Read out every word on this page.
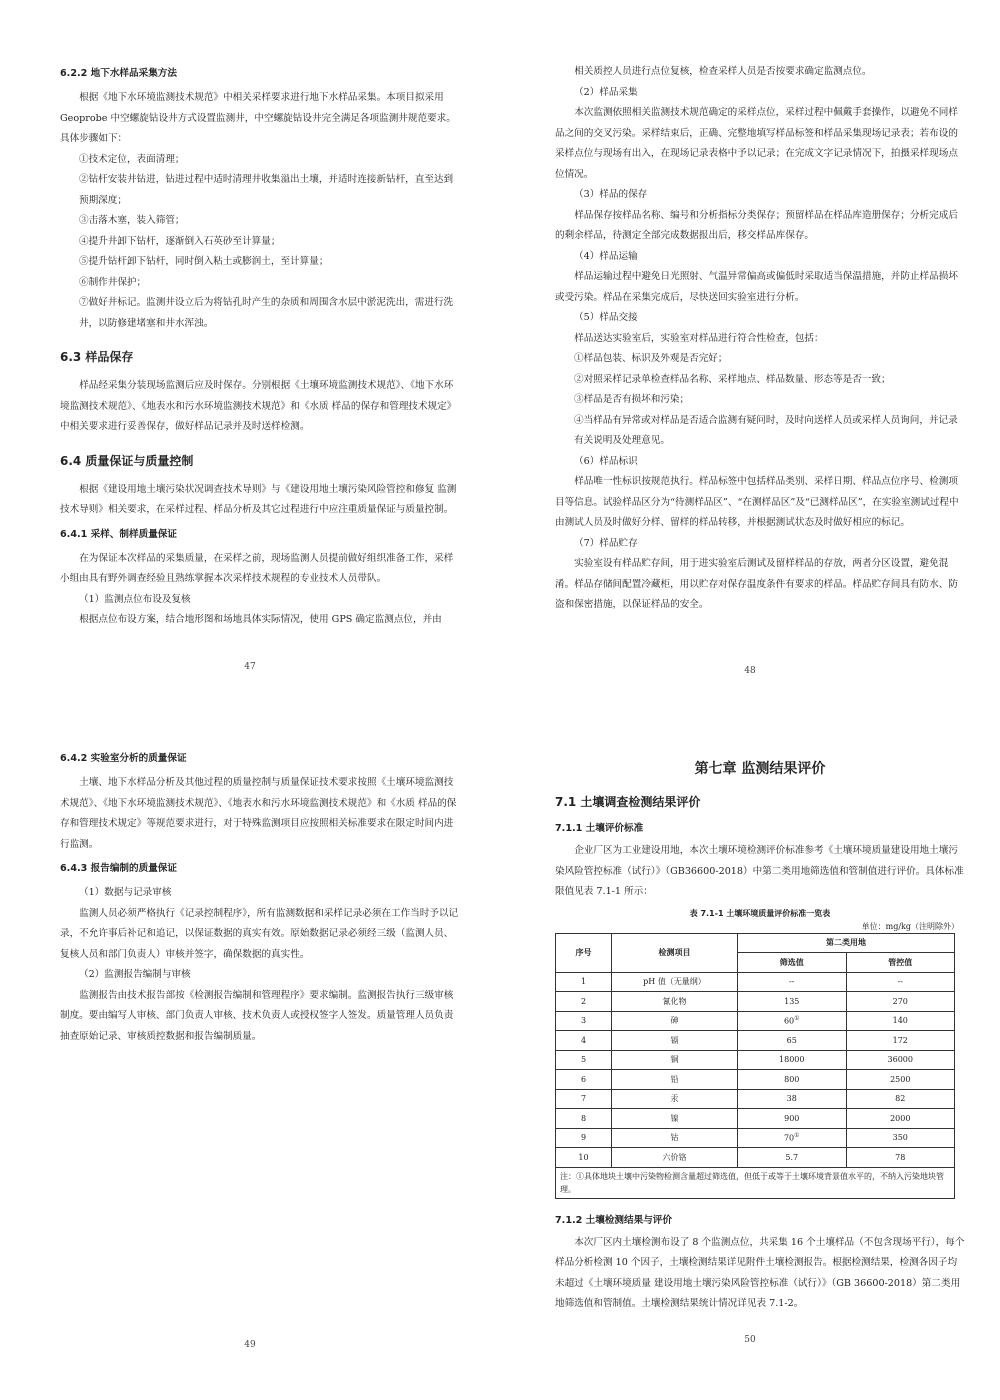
6.2.2 地下水样品采集方法

根据《地下水环境监测技术规范》中相关采样要求进行地下水样品采集。本项目拟采用 Geoprobe 中空螺旋钻设井方式设置监测井，中空螺旋钻设井完全满足各项监测井规范要求。具体步骤如下：

①技术定位，表面清理；

②钻杆安装井钻进，钻进过程中适时清理井收集溢出土壤，并适时连接新钻杆，直至达到预期深度；

③击落木塞，装入筛管；

④提升井卸下钻杆，逐渐倒入石英砂至计算量；

⑤提升钻杆卸下钻杆，同时倒入粘土或膨润土，至计算量；

⑥制作井保护；

⑦做好井标记。监测井设立后为将钻孔时产生的杂质和周围含水层中淤泥洗出，需进行洗井，以防修建堵塞和井水浑浊。

6.3 样品保存

样品经采集分装现场监测后应及时保存。分别根据《土壤环境监测技术规范》、《地下水环境监测技术规范》、《地表水和污水环境监测技术规范》和《水质 样品的保存和管理技术规定》中相关要求进行妥善保存，做好样品记录并及时送样检测。

6.4 质量保证与质量控制

根据《建设用地土壤污染状况调查技术导则》与《建设用地土壤污染风险管控和修复 监测技术导则》相关要求，在采样过程、样品分析及其它过程进行中应注重质量保证与质量控制。

6.4.1 采样、制样质量保证

在为保证本次样品的采集质量，在采样之前，现场监测人员提前做好组织准备工作，采样小组由具有野外调查经验且熟练掌握本次采样技术规程的专业技术人员带队。

（1）监测点位布设及复核

根据点位布设方案，结合地形图和场地具体实际情况，使用 GPS 确定监测点位，并由

47

相关质控人员进行点位复核，检查采样人员是否按要求确定监测点位。

（2）样品采集

本次监测依照相关监测技术规范确定的采样点位，采样过程中佩戴手套操作，以避免不同样品之间的交叉污染。采样结束后，正确、完整地填写样品标签和样品采集现场记录表；若布设的采样点位与现场有出入，在现场记录表格中予以记录；在完成文字记录情况下，拍摄采样现场点位情况。

（3）样品的保存

样品保存按样品名称、编号和分析指标分类保存；预留样品在样品库造册保存；分析完成后的剩余样品，待测定全部完成数据报出后，移交样品库保存。

（4）样品运输

样品运输过程中避免日光照射、气温异常偏高或偏低时采取适当保温措施，并防止样品损坏或受污染。样品在采集完成后，尽快送回实验室进行分析。

（5）样品交接

样品送达实验室后，实验室对样品进行符合性检查，包括：

①样品包装、标识及外观是否完好；

②对照采样记录单检查样品名称、采样地点、样品数量、形态等是否一致；

③样品是否有损坏和污染；

④当样品有异常或对样品是否适合监测有疑问时，及时向送样人员或采样人员询问，并记录有关说明及处理意见。

（6）样品标识

样品唯一性标识按规范执行。样品标签中包括样品类别、采样日期、样品点位序号、检测项目等信息。试验样品区分为“待测样品区”、“在测样品区”及“已测样品区”，在实验室测试过程中由测试人员及时做好分样、留样的样品转移，并根据测试状态及时做好相应的标记。

（7）样品贮存

实验室设有样品贮存间，用于进实验室后测试及留样样品的存放，两者分区设置，避免混淆。样品存储间配置冷藏柜，用以贮存对保存温度条件有要求的样品。样品贮存间具有防水、防盗和保密措施，以保证样品的安全。

48

6.4.2 实验室分析的质量保证

土壤、地下水样品分析及其他过程的质量控制与质量保证技术要求按照《土壤环境监测技术规范》、《地下水环境监测技术规范》、《地表水和污水环境监测技术规范》和《水质 样品的保存和管理技术规定》等规范要求进行，对于特殊监测项目应按照相关标准要求在限定时间内进行监测。

6.4.3 报告编制的质量保证

（1）数据与记录审核

监测人员必须严格执行《记录控制程序》，所有监测数据和采样记录必须在工作当时予以记录，不允许事后补记和追记，以保证数据的真实有效。原始数据记录必须经三级（监测人员、复核人员和部门负责人）审核并签字，确保数据的真实性。

（2）监测报告编制与审核

监测报告由技术报告部按《检测报告编制和管理程序》要求编制。监测报告执行三级审核制度。要由编写人审核、部门负责人审核、技术负责人或授权签字人签发。质量管理人员负责抽查原始记录、审核质控数据和报告编制质量。

49

第七章 监测结果评价

7.1 土壤调查检测结果评价

7.1.1 土壤评价标准

企业厂区为工业建设用地，本次土壤环境检测评价标准参考《土壤环境质量建设用地土壤污染风险管控标准（试行）》（GB36600-2018）中第二类用地筛选值和管制值进行评价。具体标准限值见表 7.1-1 所示：

表 7.1-1 土壤环境质量评价标准一览表

单位：mg/kg（注明除外）

序号	检测项目	第二类用地	
		筛选值	管控值
1	pH 值（无量纲）	--	--
2	氰化物	135	270
3	砷	60①	140
4	镉	65	172
5	铜	18000	36000
6	铅	800	2500
7	汞	38	82
8	镍	900	2000
9	钴	70①	350
10	六价铬	5.7	78
注：①具体地块土壤中污染物检测含量超过筛选值，但低于或等于土壤环境背景值水平的，不纳入污染地块管理。			

7.1.2 土壤检测结果与评价

本次厂区内土壤检测布设了 8 个监测点位，共采集 16 个土壤样品（不包含现场平行），每个样品分析检测 10 个因子，土壤检测结果详见附件土壤检测报告。根据检测结果，检测各因子均未超过《土壤环境质量 建设用地土壤污染风险管控标准（试行）》（GB 36600-2018）第二类用地筛选值和管制值。土壤检测结果统计情况详见表 7.1-2。

50
